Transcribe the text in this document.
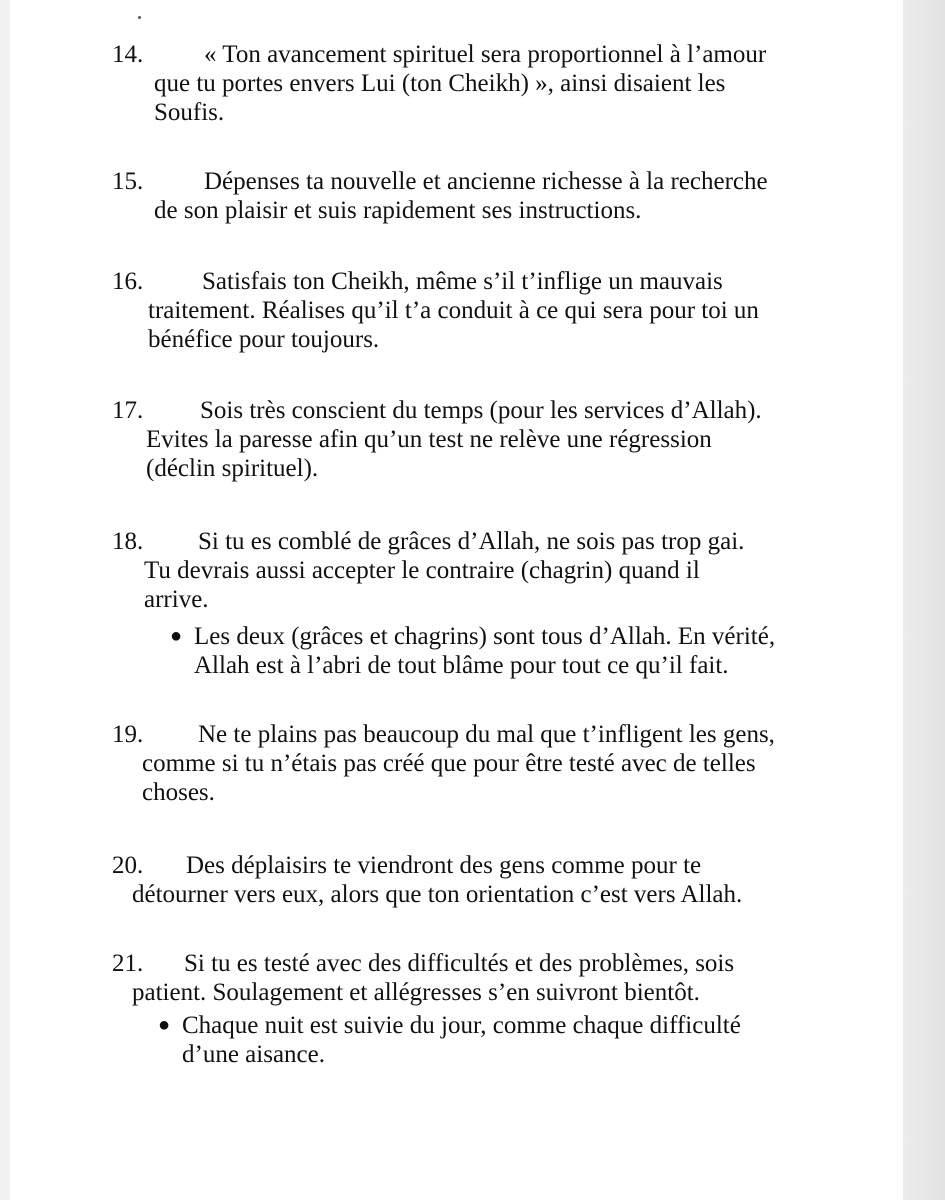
14.	« Ton avancement spirituel sera proportionnel à l’amour
que tu portes envers Lui (ton Cheikh) », ainsi disaient les
Soufis.
15.	Dépenses ta nouvelle et ancienne richesse à la recherche
de son plaisir et suis rapidement ses instructions.
16.	Satisfais ton Cheikh, même s’il t’inflige un mauvais
traitement. Réalises qu’il t’a conduit à ce qui sera pour toi un
bénéfice pour toujours.
17.	Sois très conscient du temps (pour les services d’Allah).
Evites la paresse afin qu’un test ne relève une régression
(déclin spirituel).
18.	Si tu es comblé de grâces d’Allah, ne sois pas trop gai.
Tu devrais aussi accepter le contraire (chagrin) quand il
arrive.
● Les deux (grâces et chagrins) sont tous d’Allah. En vérité,
Allah est à l’abri de tout blâme pour tout ce qu’il fait.
19.	Ne te plains pas beaucoup du mal que t’infligent les gens,
comme si tu n’étais pas créé que pour être testé avec de telles
choses.
20.	Des déplaisirs te viendront des gens comme pour te
détourner vers eux, alors que ton orientation c’est vers Allah.
21.	Si tu es testé avec des difficultés et des problèmes, sois
patient. Soulagement et allégresses s’en suivront bientôt.
● Chaque nuit est suivie du jour, comme chaque difficulté
d’une aisance.
